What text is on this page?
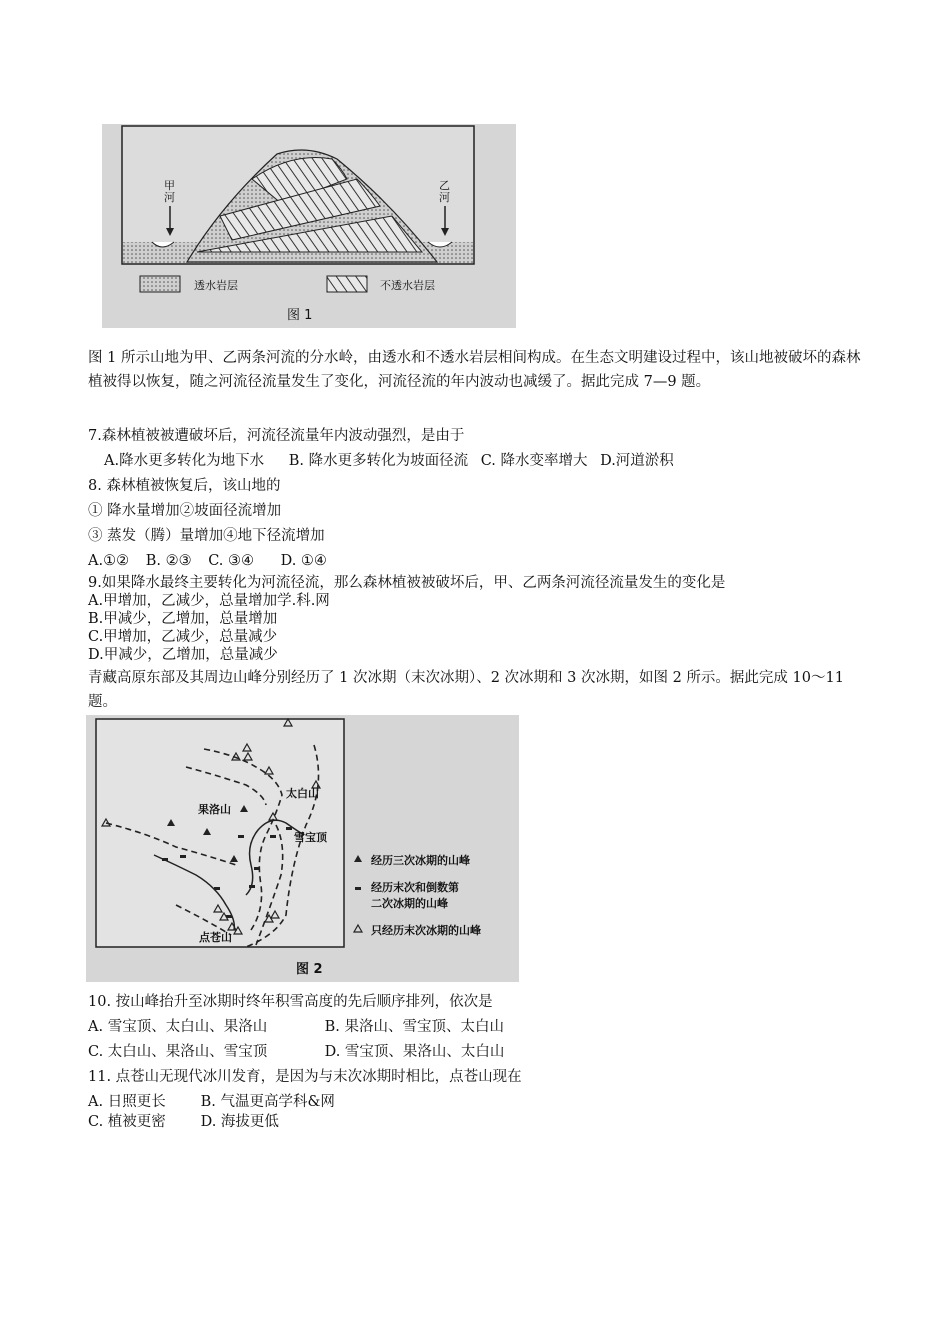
甲
河
乙
河
透水岩层	不透水岩层
图 1
图 1 所示山地为甲、乙两条河流的分水岭，由透水和不透水岩层相间构成。在生态文明建设过程中，该山地被破坏的森林植被得以恢复，随之河流径流量发生了变化，河流径流的年内波动也减缓了。据此完成 7—9 题。
7.森林植被被遭破坏后，河流径流量年内波动强烈，是由于
A.降水更多转化为地下水 B. 降水更多转化为坡面径流 C. 降水变率增大 D.河道淤积
8. 森林植被恢复后，该山地的
① 降水量增加②坡面径流增加
③ 蒸发（腾）量增加④地下径流增加
A.①② B. ②③ C. ③④ D. ①④
9.如果降水最终主要转化为河流径流，那么森林植被被破坏后，甲、乙两条河流径流量发生的变化是
A.甲增加，乙减少，总量增加学.科.网
B.甲减少，乙增加，总量增加
C.甲增加，乙减少，总量减少
D.甲减少，乙增加，总量减少
青藏高原东部及其周边山峰分别经历了 1 次冰期（末次冰期）、2 次冰期和 3 次冰期，如图 2 所示。据此完成 10～11 题。
太白山
果洛山
雪宝顶
点苍山
经历三次冰期的山峰
经历末次和倒数第
二次冰期的山峰
只经历末次冰期的山峰
图 2
10. 按山峰抬升至冰期时终年积雪高度的先后顺序排列，依次是
A. 雪宝顶、太白山、果洛山	B. 果洛山、雪宝顶、太白山
C. 太白山、果洛山、雪宝顶	D. 雪宝顶、果洛山、太白山
11. 点苍山无现代冰川发育，是因为与末次冰期时相比，点苍山现在
A. 日照更长 B. 气温更高学科&网
C. 植被更密 D. 海拔更低
